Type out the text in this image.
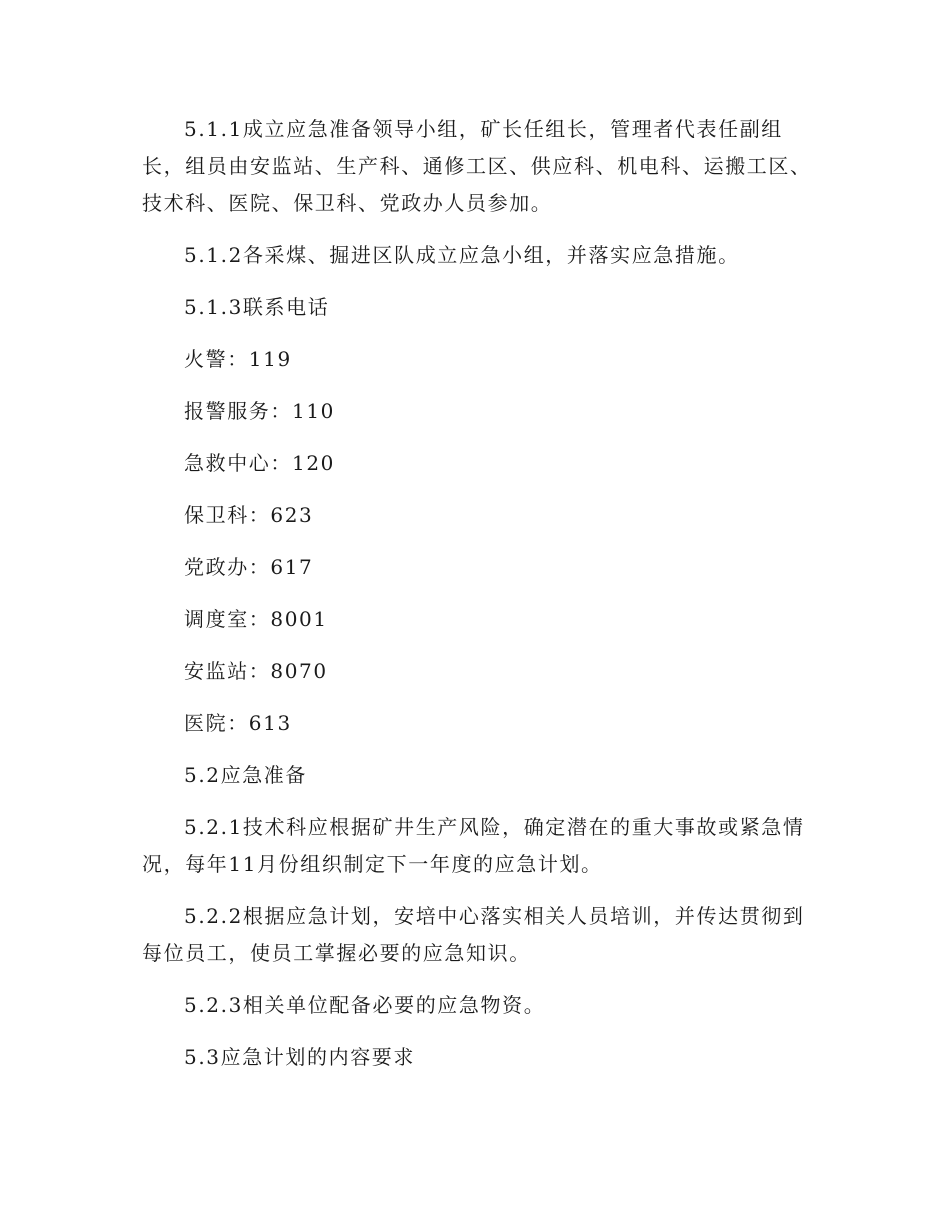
5.1.1成立应急准备领导小组，矿长任组长，管理者代表任副组长，组员由安监站、生产科、通修工区、供应科、机电科、运搬工区、技术科、医院、保卫科、党政办人员参加。

5.1.2各采煤、掘进区队成立应急小组，并落实应急措施。

5.1.3联系电话

火警：119

报警服务：110

急救中心：120

保卫科：623

党政办：617

调度室：8001

安监站：8070

医院：613

5.2应急准备

5.2.1技术科应根据矿井生产风险，确定潜在的重大事故或紧急情况，每年11月份组织制定下一年度的应急计划。

5.2.2根据应急计划，安培中心落实相关人员培训，并传达贯彻到每位员工，使员工掌握必要的应急知识。

5.2.3相关单位配备必要的应急物资。

5.3应急计划的内容要求
